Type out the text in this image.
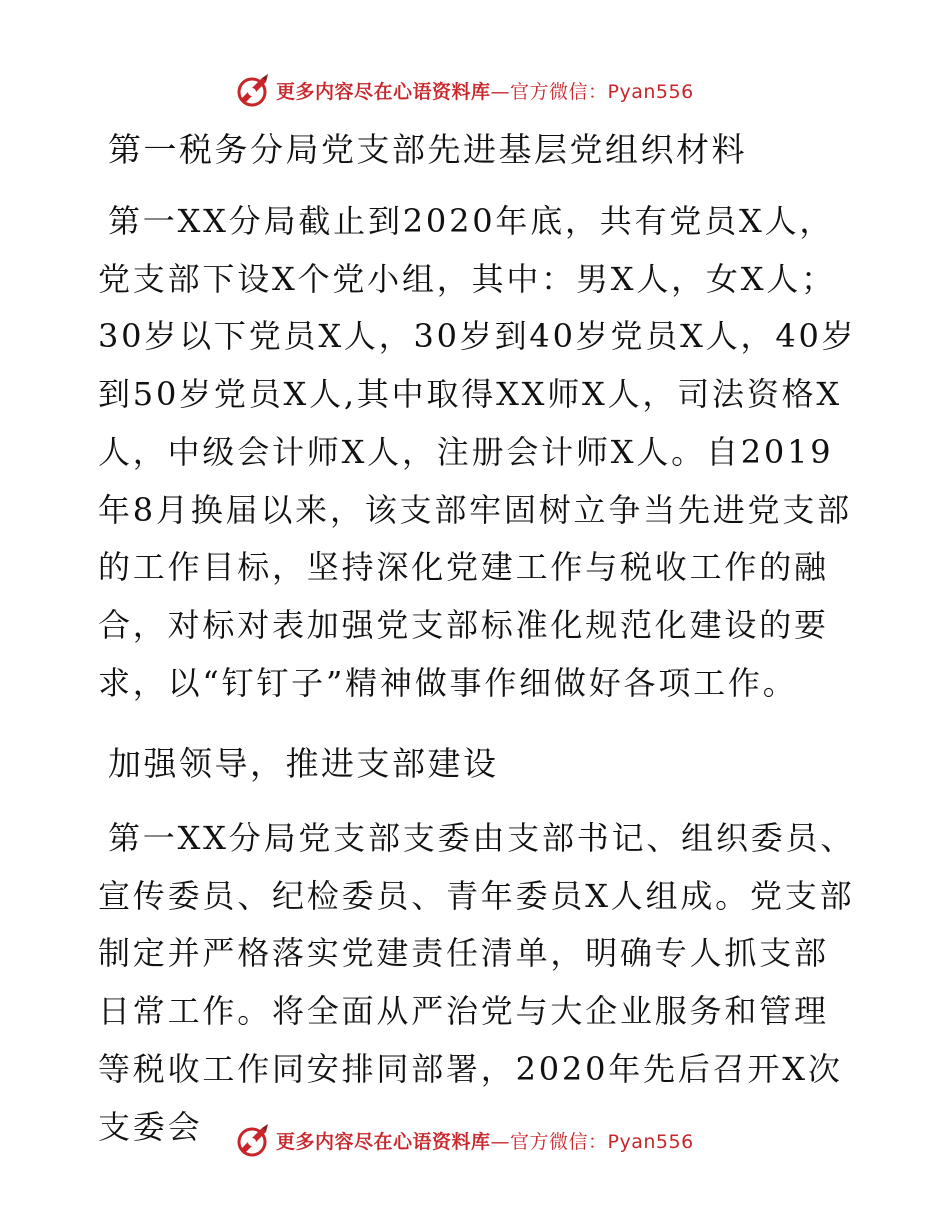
更多内容尽在心语资料库—官方微信：Pyan556
第一税务分局党支部先进基层党组织材料

第一XX分局截止到2020年底，共有党员X人，党支部下设X个党小组，其中：男X人，女X人；30岁以下党员X人，30岁到40岁党员X人，40岁到50岁党员X人,其中取得XX师X人，司法资格X人，中级会计师X人，注册会计师X人。自2019年8月换届以来，该支部牢固树立争当先进党支部的工作目标，坚持深化党建工作与税收工作的融合，对标对表加强党支部标准化规范化建设的要求，以“钉钉子”精神做事作细做好各项工作。

加强领导，推进支部建设

第一XX分局党支部支委由支部书记、组织委员、宣传委员、纪检委员、青年委员X人组成。党支部制定并严格落实党建责任清单，明确专人抓支部日常工作。将全面从严治党与大企业服务和管理等税收工作同安排同部署，2020年先后召开X次支委会	更多内容尽在心语资料库—官方微信：Pyan556
